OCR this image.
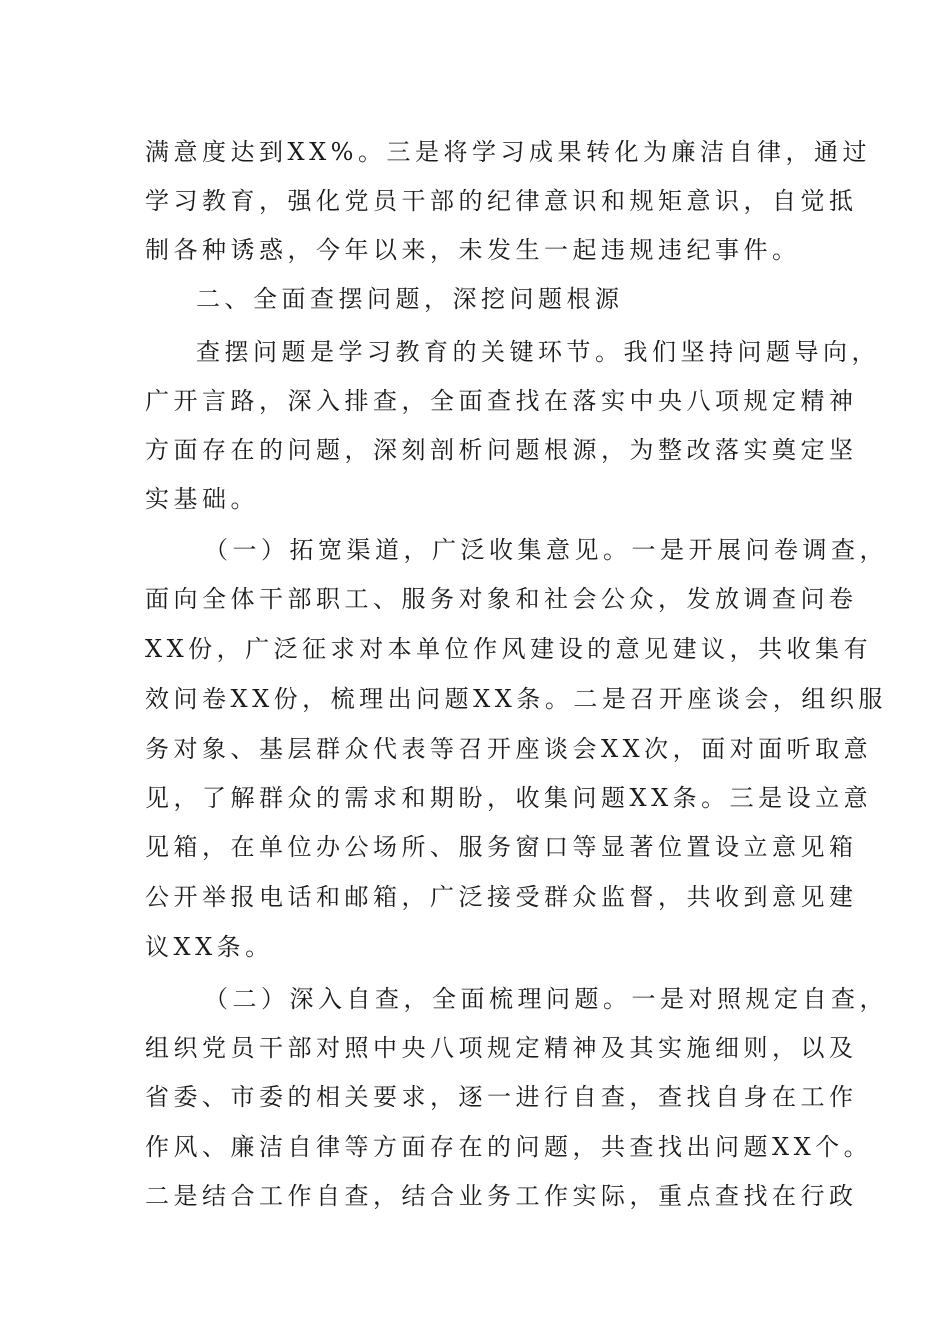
满意度达到XX%。三是将学习成果转化为廉洁自律，通过
学习教育，强化党员干部的纪律意识和规矩意识，自觉抵
制各种诱惑，今年以来，未发生一起违规违纪事件。
二、全面查摆问题，深挖问题根源
查摆问题是学习教育的关键环节。我们坚持问题导向，
广开言路，深入排查，全面查找在落实中央八项规定精神
方面存在的问题，深刻剖析问题根源，为整改落实奠定坚
实基础。
（一）拓宽渠道，广泛收集意见。一是开展问卷调查，
面向全体干部职工、服务对象和社会公众，发放调查问卷
XX份，广泛征求对本单位作风建设的意见建议，共收集有
效问卷XX份，梳理出问题XX条。二是召开座谈会，组织服
务对象、基层群众代表等召开座谈会XX次，面对面听取意
见，了解群众的需求和期盼，收集问题XX条。三是设立意
见箱，在单位办公场所、服务窗口等显著位置设立意见箱
公开举报电话和邮箱，广泛接受群众监督，共收到意见建
议XX条。
（二）深入自查，全面梳理问题。一是对照规定自查，
组织党员干部对照中央八项规定精神及其实施细则，以及
省委、市委的相关要求，逐一进行自查，查找自身在工作
作风、廉洁自律等方面存在的问题，共查找出问题XX个。
二是结合工作自查，结合业务工作实际，重点查找在行政
